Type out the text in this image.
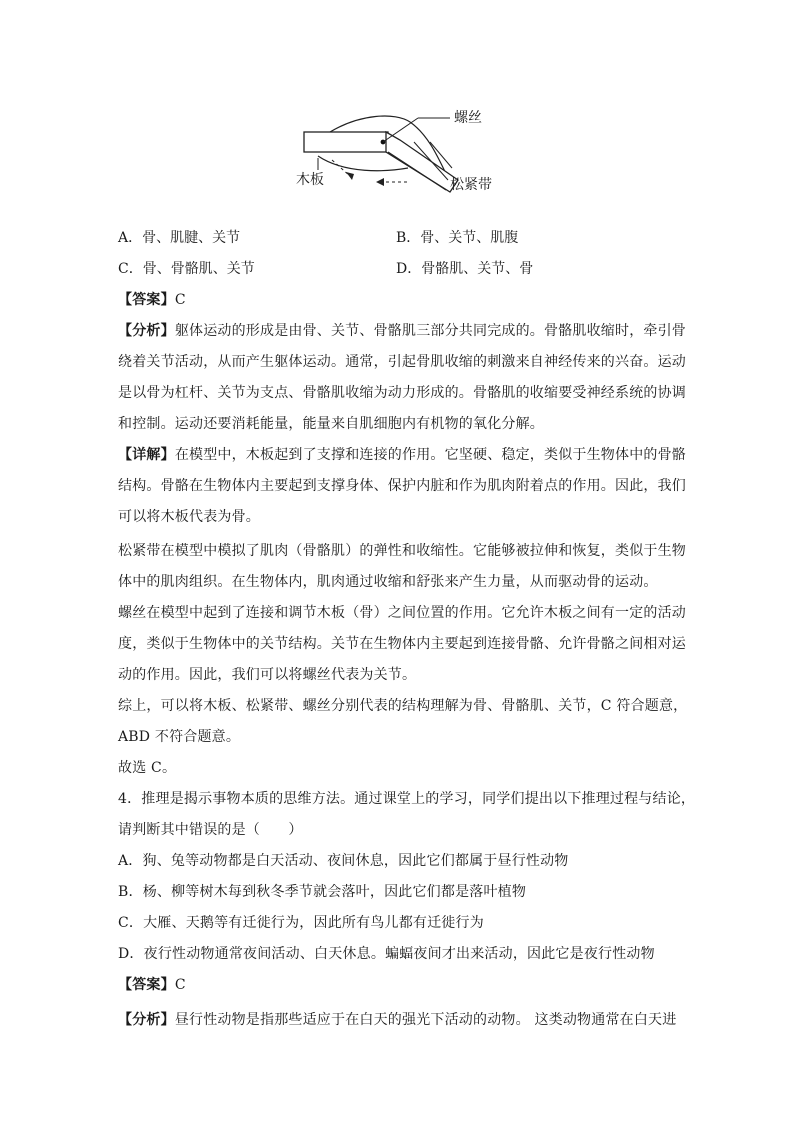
螺丝
木板	松紧带
A．骨、肌腱、关节	B．骨、关节、肌腹
C．骨、骨骼肌、关节	D．骨骼肌、关节、骨
【答案】C
【分析】躯体运动的形成是由骨、关节、骨骼肌三部分共同完成的。骨骼肌收缩时，牵引骨
绕着关节活动，从而产生躯体运动。通常，引起骨肌收缩的刺激来自神经传来的兴奋。运动
是以骨为杠杆、关节为支点、骨骼肌收缩为动力形成的。骨骼肌的收缩要受神经系统的协调
和控制。运动还要消耗能量，能量来自肌细胞内有机物的氧化分解。
【详解】在模型中，木板起到了支撑和连接的作用。它坚硬、稳定，类似于生物体中的骨骼
结构。骨骼在生物体内主要起到支撑身体、保护内脏和作为肌肉附着点的作用。因此，我们
可以将木板代表为骨。
松紧带在模型中模拟了肌肉（骨骼肌）的弹性和收缩性。它能够被拉伸和恢复，类似于生物
体中的肌肉组织。在生物体内，肌肉通过收缩和舒张来产生力量，从而驱动骨的运动。
螺丝在模型中起到了连接和调节木板（骨）之间位置的作用。它允许木板之间有一定的活动
度，类似于生物体中的关节结构。关节在生物体内主要起到连接骨骼、允许骨骼之间相对运
动的作用。因此，我们可以将螺丝代表为关节。
综上，可以将木板、松紧带、螺丝分别代表的结构理解为骨、骨骼肌、关节，C 符合题意，
ABD 不符合题意。
故选 C。
4．推理是揭示事物本质的思维方法。通过课堂上的学习，同学们提出以下推理过程与结论，
请判断其中错误的是（　　）
A．狗、兔等动物都是白天活动、夜间休息，因此它们都属于昼行性动物
B．杨、柳等树木每到秋冬季节就会落叶，因此它们都是落叶植物
C．大雁、天鹅等有迁徙行为，因此所有鸟儿都有迁徙行为
D．夜行性动物通常夜间活动、白天休息。蝙蝠夜间才出来活动，因此它是夜行性动物
【答案】C
【分析】昼行性动物是指那些适应于在白天的强光下活动的动物。 这类动物通常在白天进
